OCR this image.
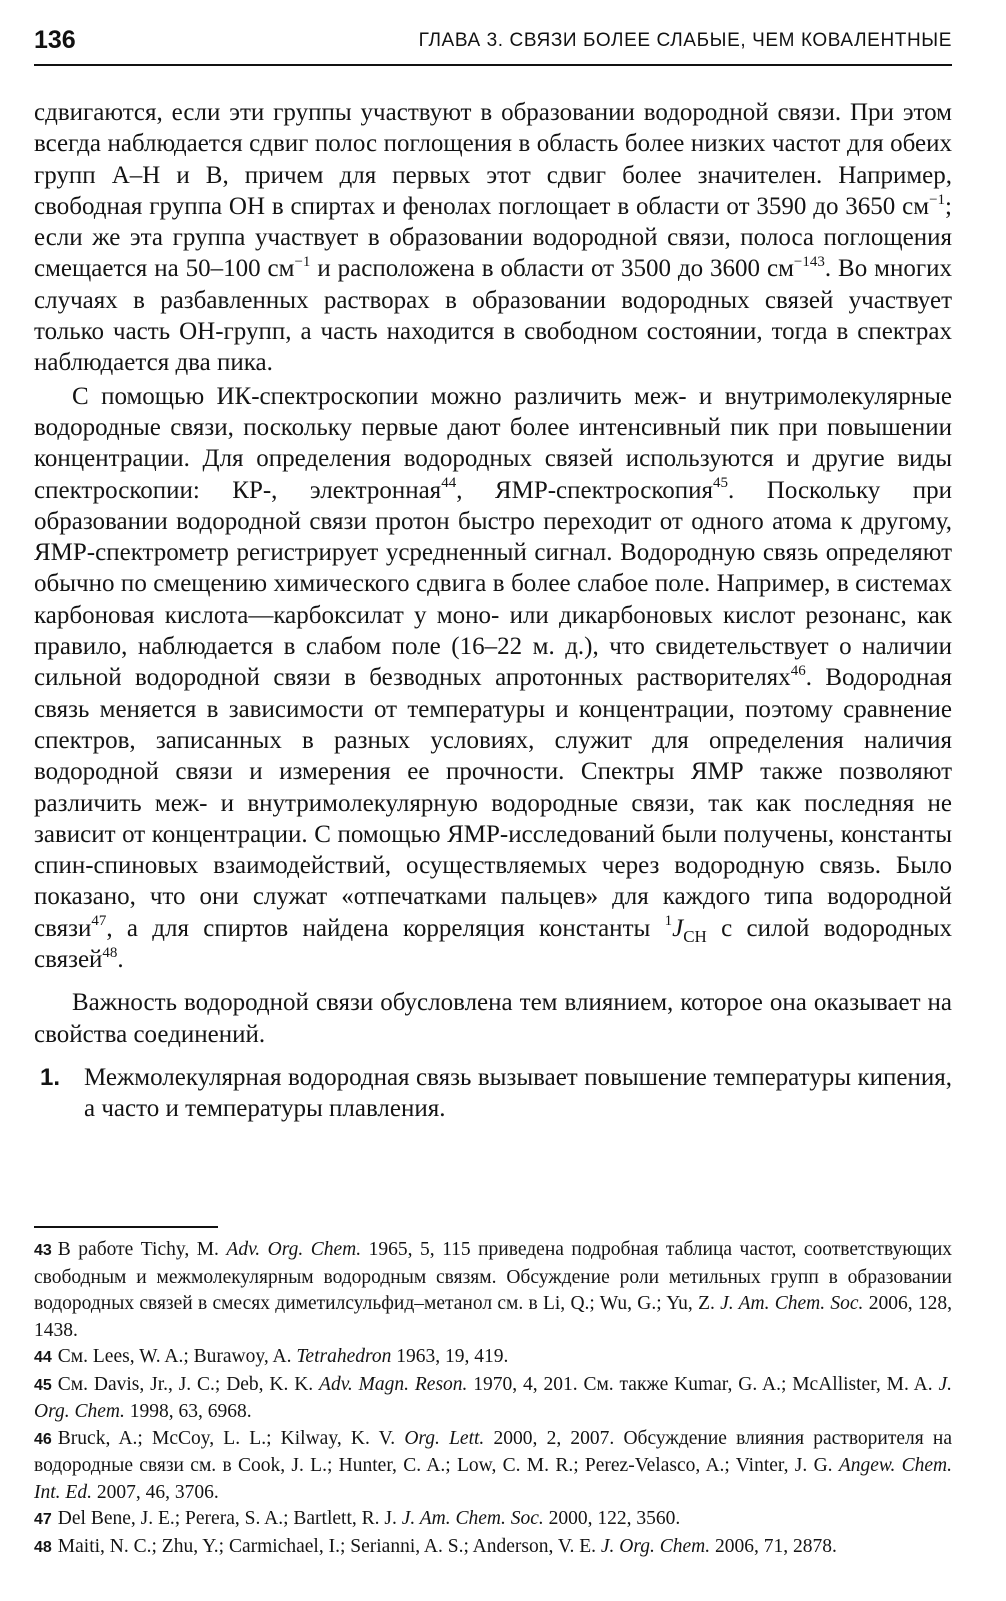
136	ГЛАВА 3. СВЯЗИ БОЛЕЕ СЛАБЫЕ, ЧЕМ КОВАЛЕНТНЫЕ

сдвигаются, если эти группы участвуют в образовании водородной связи. При этом всегда наблюдается сдвиг полос поглощения в область более низких частот для обеих групп A–H и B, причем для первых этот сдвиг более значителен. Например, свободная группа OH в спиртах и фенолах поглощает в области от 3590 до 3650 $см^{-1}$; если же эта группа участвует в образовании водородной связи, полоса поглощения смещается на 50–100 $см^{-1}$ и расположена в области от 3500 до 3600 $см^{-143}$. Во многих случаях в разбавленных растворах в образовании водородных связей участвует только часть OH-групп, а часть находится в свободном состоянии, тогда в спектрах наблюдается два пика.

С помощью ИК-спектроскопии можно различить меж- и внутримолекулярные водородные связи, поскольку первые дают более интенсивный пик при повышении концентрации. Для определения водородных связей используются и другие виды спектроскопии: КР-, электронная$^{44}$, ЯМР-спектроскопия$^{45}$. Поскольку при образовании водородной связи протон быстро переходит от одного атома к другому, ЯМР-спектрометр регистрирует усредненный сигнал. Водородную связь определяют обычно по смещению химического сдвига в более слабое поле. Например, в системах карбоновая кислота—карбоксилат у моно- или дикарбоновых кислот резонанс, как правило, наблюдается в слабом поле (16–22 м. д.), что свидетельствует о наличии сильной водородной связи в безводных апротонных растворителях$^{46}$. Водородная связь меняется в зависимости от температуры и концентрации, поэтому сравнение спектров, записанных в разных условиях, служит для определения наличия водородной связи и измерения ее прочности. Спектры ЯМР также позволяют различить меж- и внутримолекулярную водородные связи, так как последняя не зависит от концентрации. С помощью ЯМР-исследований были получены, константы спин-спиновых взаимодействий, осуществляемых через водородную связь. Было показано, что они служат «отпечатками пальцев» для каждого типа водородной связи$^{47}$, а для спиртов найдена корреляция константы $^1J_{CH}$ с силой водородных связей$^{48}$.

Важность водородной связи обусловлена тем влиянием, которое она оказывает на свойства соединений.

1. Межмолекулярная водородная связь вызывает повышение температуры кипения, а часто и температуры плавления.

43 В работе Tichy, M. Adv. Org. Chem. 1965, 5, 115 приведена подробная таблица частот, соответствующих свободным и межмолекулярным водородным связям. Обсуждение роли метильных групп в образовании водородных связей в смесях диметилсульфид–метанол см. в Li, Q.; Wu, G.; Yu, Z. J. Am. Chem. Soc. 2006, 128, 1438.

44 См. Lees, W. A.; Burawoy, A. Tetrahedron 1963, 19, 419.

45 См. Davis, Jr., J. C.; Deb, K. K. Adv. Magn. Reson. 1970, 4, 201. См. также Kumar, G. A.; McAllister, M. A. J. Org. Chem. 1998, 63, 6968.

46 Bruck, A.; McCoy, L. L.; Kilway, K. V. Org. Lett. 2000, 2, 2007. Обсуждение влияния растворителя на водородные связи см. в Cook, J. L.; Hunter, C. A.; Low, C. M. R.; Perez-Velasco, A.; Vinter, J. G. Angew. Chem. Int. Ed. 2007, 46, 3706.

47 Del Bene, J. E.; Perera, S. A.; Bartlett, R. J. J. Am. Chem. Soc. 2000, 122, 3560.

48 Maiti, N. C.; Zhu, Y.; Carmichael, I.; Serianni, A. S.; Anderson, V. E. J. Org. Chem. 2006, 71, 2878.
